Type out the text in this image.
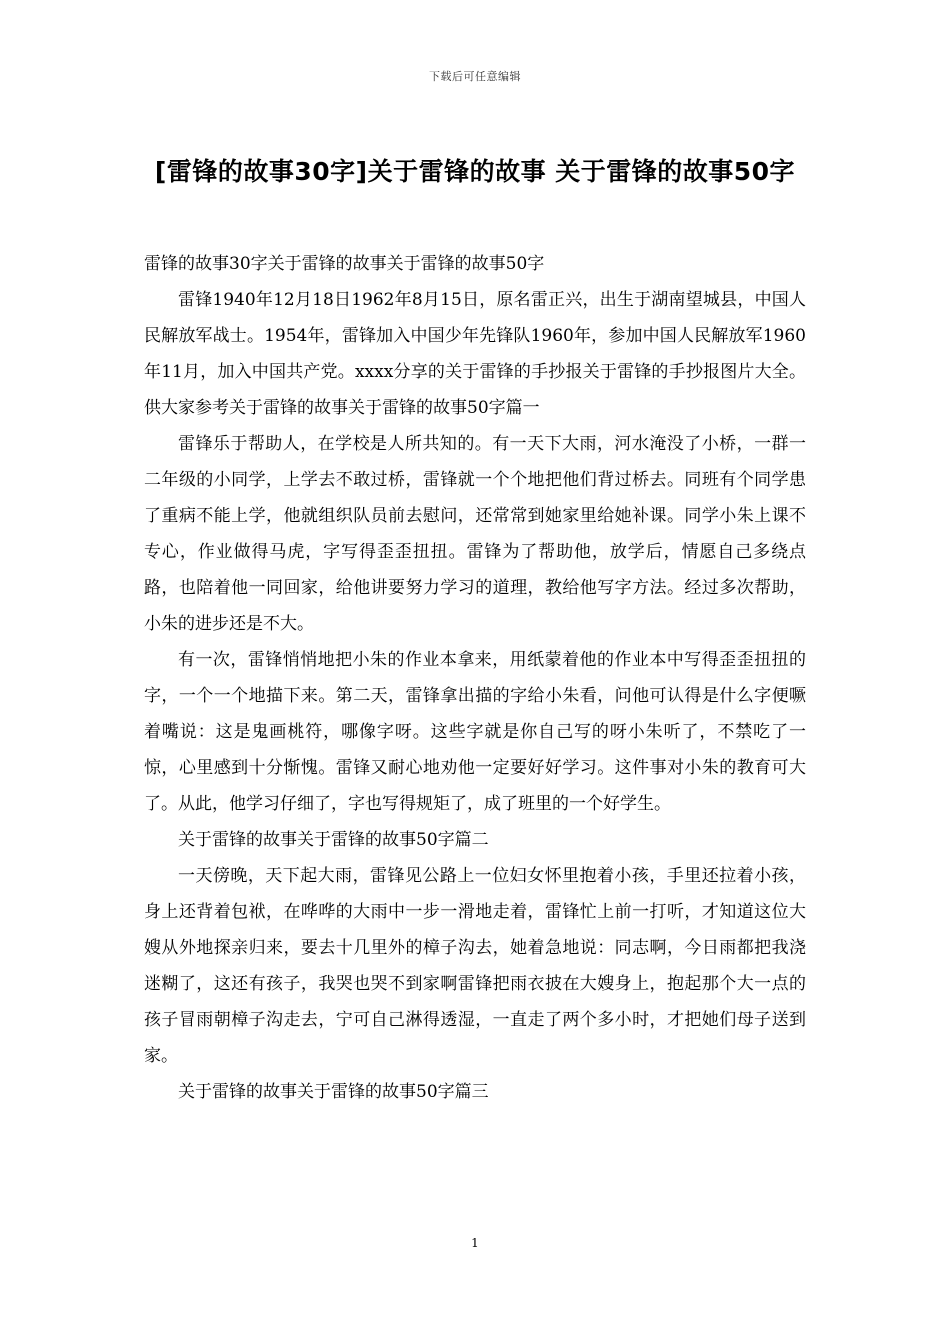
下载后可任意编辑
[雷锋的故事30字]关于雷锋的故事 关于雷锋的故事50字

雷锋的故事30字关于雷锋的故事关于雷锋的故事50字

雷锋1940年12月18日1962年8月15日，原名雷正兴，出生于湖南望城县，中国人民解放军战士。1954年，雷锋加入中国少年先锋队1960年，参加中国人民解放军1960年11月，加入中国共产党。xxxx分享的关于雷锋的手抄报关于雷锋的手抄报图片大全。供大家参考关于雷锋的故事关于雷锋的故事50字篇一

雷锋乐于帮助人，在学校是人所共知的。有一天下大雨，河水淹没了小桥，一群一二年级的小同学，上学去不敢过桥，雷锋就一个个地把他们背过桥去。同班有个同学患了重病不能上学，他就组织队员前去慰问，还常常到她家里给她补课。同学小朱上课不专心，作业做得马虎，字写得歪歪扭扭。雷锋为了帮助他，放学后，情愿自己多绕点路，也陪着他一同回家，给他讲要努力学习的道理，教给他写字方法。经过多次帮助，小朱的进步还是不大。

有一次，雷锋悄悄地把小朱的作业本拿来，用纸蒙着他的作业本中写得歪歪扭扭的字，一个一个地描下来。第二天，雷锋拿出描的字给小朱看，问他可认得是什么字便噘着嘴说：这是鬼画桃符，哪像字呀。这些字就是你自己写的呀小朱听了，不禁吃了一惊，心里感到十分惭愧。雷锋又耐心地劝他一定要好好学习。这件事对小朱的教育可大了。从此，他学习仔细了，字也写得规矩了，成了班里的一个好学生。

关于雷锋的故事关于雷锋的故事50字篇二

一天傍晚，天下起大雨，雷锋见公路上一位妇女怀里抱着小孩，手里还拉着小孩，身上还背着包袱，在哗哗的大雨中一步一滑地走着，雷锋忙上前一打听，才知道这位大嫂从外地探亲归来，要去十几里外的樟子沟去，她着急地说：同志啊，今日雨都把我浇迷糊了，这还有孩子，我哭也哭不到家啊雷锋把雨衣披在大嫂身上，抱起那个大一点的孩子冒雨朝樟子沟走去，宁可自己淋得透湿，一直走了两个多小时，才把她们母子送到家。

关于雷锋的故事关于雷锋的故事50字篇三

1
